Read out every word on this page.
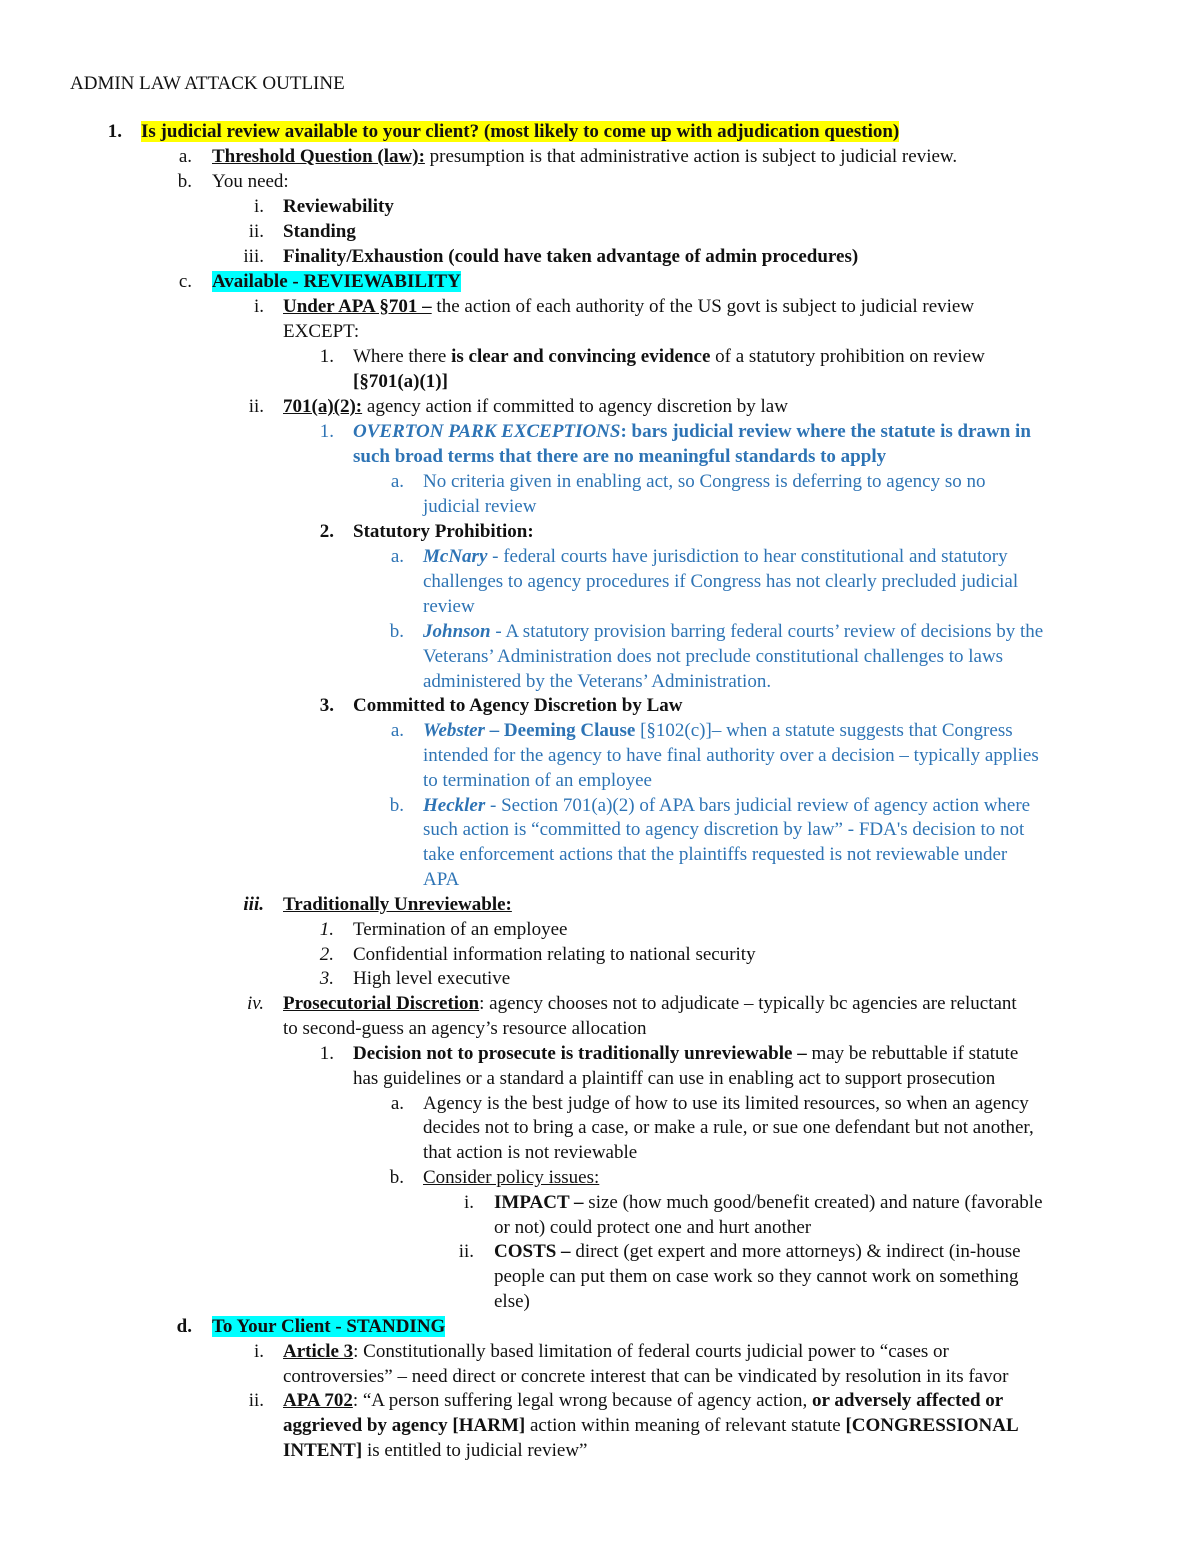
ADMIN LAW ATTACK OUTLINE
1. Is judicial review available to your client? (most likely to come up with adjudication question)
a. Threshold Question (law): presumption is that administrative action is subject to judicial review.
b. You need:
i. Reviewability
ii. Standing
iii. Finality/Exhaustion (could have taken advantage of admin procedures)
c. Available - REVIEWABILITY
i. Under APA §701 – the action of each authority of the US govt is subject to judicial review
EXCEPT:
1. Where there is clear and convincing evidence of a statutory prohibition on review
[§701(a)(1)]
ii. 701(a)(2): agency action if committed to agency discretion by law
1. OVERTON PARK EXCEPTIONS: bars judicial review where the statute is drawn in
such broad terms that there are no meaningful standards to apply
a. No criteria given in enabling act, so Congress is deferring to agency so no
judicial review
2. Statutory Prohibition:
a. McNary - federal courts have jurisdiction to hear constitutional and statutory
challenges to agency procedures if Congress has not clearly precluded judicial
review
b. Johnson - A statutory provision barring federal courts’ review of decisions by the
Veterans’ Administration does not preclude constitutional challenges to laws
administered by the Veterans’ Administration.
3. Committed to Agency Discretion by Law
a. Webster – Deeming Clause [§102(c)]– when a statute suggests that Congress
intended for the agency to have final authority over a decision – typically applies
to termination of an employee
b. Heckler - Section 701(a)(2) of APA bars judicial review of agency action where
such action is “committed to agency discretion by law” - FDA's decision to not
take enforcement actions that the plaintiffs requested is not reviewable under
APA
iii. Traditionally Unreviewable:
1. Termination of an employee
2. Confidential information relating to national security
3. High level executive
iv. Prosecutorial Discretion: agency chooses not to adjudicate – typically bc agencies are reluctant
to second-guess an agency’s resource allocation
1. Decision not to prosecute is traditionally unreviewable – may be rebuttable if statute
has guidelines or a standard a plaintiff can use in enabling act to support prosecution
a. Agency is the best judge of how to use its limited resources, so when an agency
decides not to bring a case, or make a rule, or sue one defendant but not another,
that action is not reviewable
b. Consider policy issues:
i. IMPACT – size (how much good/benefit created) and nature (favorable
or not) could protect one and hurt another
ii. COSTS – direct (get expert and more attorneys) & indirect (in-house
people can put them on case work so they cannot work on something
else)
d. To Your Client - STANDING
i. Article 3: Constitutionally based limitation of federal courts judicial power to “cases or
controversies” – need direct or concrete interest that can be vindicated by resolution in its favor
ii. APA 702: “A person suffering legal wrong because of agency action, or adversely affected or
aggrieved by agency [HARM] action within meaning of relevant statute [CONGRESSIONAL
INTENT] is entitled to judicial review”
